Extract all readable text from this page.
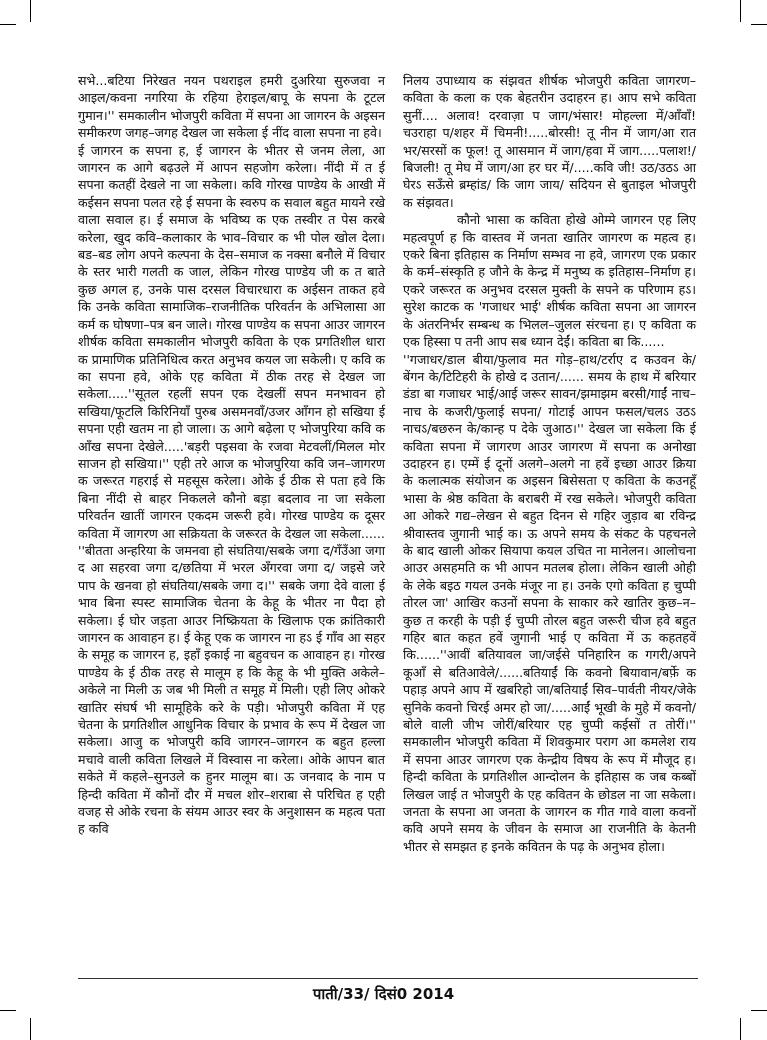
सभे...बटिया निरेखत नयन पथराइल हमरी दुअरिया सुरुजवा न आइल/कवना नगरिया के रहिया हेराइल/बापू के सपना के टूटल गुमान।'' समकालीन भोजपुरी कविता में सपना आ जागरन के अइसन समीकरण जगह–जगह देखल जा सकेला ई नींद वाला सपना ना हवे।
ई जागरन क सपना ह, ई जागरन के भीतर से जनम लेला, आ जागरन क आगे बढ़उले में आपन सहजोग करेला। नींदी में त ई सपना कतहीं देखले ना जा सकेला। कवि गोरख पाण्डेय के आखी में कईसन सपना पलत रहे ई सपना के स्वरुप क सवाल बहुत मायने रखे वाला सवाल ह। ई समाज के भविष्य क एक तस्वीर त पेस करबे करेला, खुद कवि–कलाकार के भाव–विचार क भी पोल खोल देला। बड–बड लोग अपने कल्पना के देस–समाज क नक्सा बनौले में विचार के स्तर भारी गलती क जाल, लेकिन गोरख पाण्डेय जी क त बाते कुछ अगल ह, उनके पास दरसल विचारधारा क अईसन ताकत हवे कि उनके कविता सामाजिक–राजनीतिक परिवर्तन के अभिलासा आ कर्म क घोषणा–पत्र बन जाले। गोरख पाण्डेय क सपना आउर जागरन शीर्षक कविता समकालीन भोजपुरी कविता के एक प्रगतिशील धारा क प्रामाणिक प्रतिनिधित्व करत अनुभव कयल जा सकेली। ए कवि क का सपना हवे, ओके एह कविता में ठीक तरह से देखल जा सकेला.....''सूतल रहलीं सपन एक देखलीं सपन मनभावन हो सखिया/फूटलि किरिनियाँ पुरुब असमनवाँ/उजर आँगन हो सखिया ई सपना एही खतम ना हो जाला। ऊ आगे बढ़ेला ए भोजपुरिया कवि क आँख सपना देखेले.....'बड़री पइसवा के रजवा मेटवलीं/मिलल मोर साजन हो सखिया।'' एही तरे आज क भोजपुरिया कवि जन–जागरण क जरूरत गहराई से महसूस करेला। ओके ई ठीक से पता हवे कि बिना नींदी से बाहर निकलले कौनो बड़ा बदलाव ना जा सकेला परिवर्तन खातीं जागरन एकदम जरूरी हवे। गोरख पाण्डेय क दूसर कविता में जागरण आ सक्रियता के जरूरत के देखल जा सकेला......
''बीतता अन्हरिया के जमनवा हो संघतिया/सबके जगा द/गँउँआ जगा द आ सहरवा जगा द/छतिया में भरल अँगरवा जगा द/ जइसे जरे पाप के खनवा हो संघतिया/सबके जगा द।'' सबके जगा देवे वाला ई भाव बिना स्पस्ट सामाजिक चेतना के केहू के भीतर ना पैदा हो सकेला। ई घोर जड़ता आउर निष्क्रियता के खिलाफ एक क्रांतिकारी जागरन क आवाहन ह। ई केहू एक क जागरन ना हऽ ई गाँव आ सहर के समूह क जागरन ह, इहाँ इकाई ना बहुवचन क आवाहन ह। गोरख पाण्डेय के ई ठीक तरह से मालूम ह कि केहू के भी मुक्ति अकेले–अकेले ना मिली ऊ जब भी मिली त समूह में मिली। एही लिए ओकरे खातिर संघर्ष भी सामूहिके करे के पड़ी। भोजपुरी कविता में एह चेतना के प्रगतिशील आधुनिक विचार के प्रभाव के रूप में देखल जा सकेला। आजु क भोजपुरी कवि जागरन–जागरन क बहुत हल्ला मचावे वाली कविता लिखले में विस्वास ना करेला। ओके आपन बात सकेते में कहले–सुनउले क हुनर मालूम बा। ऊ जनवाद के नाम प हिन्दी कविता में कौनों दौर में मचल शोर–शराबा से परिचित ह एही वजह से ओके रचना के संयम आउर स्वर के अनुशासन क महत्व पता ह कवि

निलय उपाध्याय क संझवत शीर्षक भोजपुरी कविता जागरण–कविता के कला क एक बेहतरीन उदाहरन ह। आप सभे कविता सुनीं.... अलाव! दरवाज़ा प जाग/भंसार! मोहल्ला में/आँवाँ! चउराहा प/शहर में चिमनी!.....बोरसी! तू नीन में जाग/आ रात भर/सरसों क फूल! तू आसमान में जाग/हवा में जाग.....पलाश!/बिजली! तू मेघ में जाग/आ हर घर में/.....कवि जी! उठ/उठऽ आ घेरऽ सऊँसे ब्रम्हांड/ कि जाग जाय/ सदियन से बुताइल भोजपुरी क संझवत।

कौनो भासा क कविता होखे ओम्मे जागरन एह लिए महत्वपूर्ण ह कि वास्तव में जनता खातिर जागरण क महत्व ह। एकरे बिना इतिहास क निर्माण सम्भव ना हवे, जागरण एक प्रकार के कर्म–संस्कृति ह जौने के केन्द्र में मनुष्य क इतिहास–निर्माण ह। एकरे जरूरत क अनुभव दरसल मुक्ती के सपने क परिणाम हऽ। सुरेश काटक क 'गजाधर भाई' शीर्षक कविता सपना आ जागरन के अंतरनिर्भर सम्बन्ध क भिलल–जुलल संरचना ह। ए कविता क एक हिस्सा प तनी आप सब ध्यान देईं। कविता बा कि......
''गजाधर/डाल बीया/फुलाव मत गोड़–हाथ/टर्राए द कउवन के/बेंगन के/टिटिहरी के होखे द उतान/...... समय के हाथ में बरियार डंडा बा गजाधर भाई/आई जरूर सावन/झमाझम बरसी/गाईं नाच–नाच के कजरी/फुलाई सपना/ गोटाई आपन फसल/चलऽ उठऽ नाचऽ/बछरुन के/कान्ह प देके जुआठ।'' देखल जा सकेला कि ई कविता सपना में जागरण आउर जागरण में सपना क अनोखा उदाहरन ह। एम्में ई दूनों अलगे–अलगे ना हवें इच्छा आउर क्रिया के कलात्मक संयोजन क अइसन बिसेसता ए कविता के कउनहूँ भासा के श्रेष्ठ कविता के बराबरी में रख सकेले। भोजपुरी कविता आ ओकरे गद्य–लेखन से बहुत दिनन से गहिर जुड़ाव बा रविन्द्र श्रीवास्तव जुगानी भाई क। ऊ अपने समय के संकट के पहचनले के बाद खाली ओकर सियापा कयल उचित ना मानेलन। आलोचना आउर असहमति क भी आपन मतलब होला। लेकिन खाली ओही के लेके बइठ गयल उनके मंजूर ना ह। उनके एगो कविता ह चुप्पी तोरल जा' आखिर कउनों सपना के साकार करे खातिर कुछ–न–कुछ त करही के पड़ी ई चुप्पी तोरल बहुत जरूरी चीज हवे बहुत गहिर बात कहत हवें जुगानी भाई ए कविता में ऊ कहतहवें कि......''आवीं बतियावल जा/जईसे पनिहारिन क गगरी/अपने कूआँ से बतिआवेले/......बतियाईं कि कवनो बियावान/बर्फ़े क पहाड़ अपने आप में खबरिहो जा/बतियाईं सिव–पार्वती नीयर/जेके सुनिके कवनो चिरई अमर हो जा/.....आईं भूखी के मुहे में कवनो/बोले वाली जीभ जोरीं/बरियार एह चुप्पी कईसों त तोरीं।'' समकालीन भोजपुरी कविता में शिवकुमार पराग आ कमलेश राय में सपना आउर जागरण एक केन्द्रीय विषय के रूप में मौजूद ह। हिन्दी कविता के प्रगतिशील आन्दोलन के इतिहास क जब कब्बों लिखल जाई त भोजपुरी के एह कवितन के छोडल ना जा सकेला। जनता के सपना आ जनता के जागरन क गीत गावे वाला कवनों कवि अपने समय के जीवन के समाज आ राजनीति के केतनी भीतर से समझत ह इनके कवितन के पढ़ के अनुभव होला।

पाती/33/ दिसं0 2014
